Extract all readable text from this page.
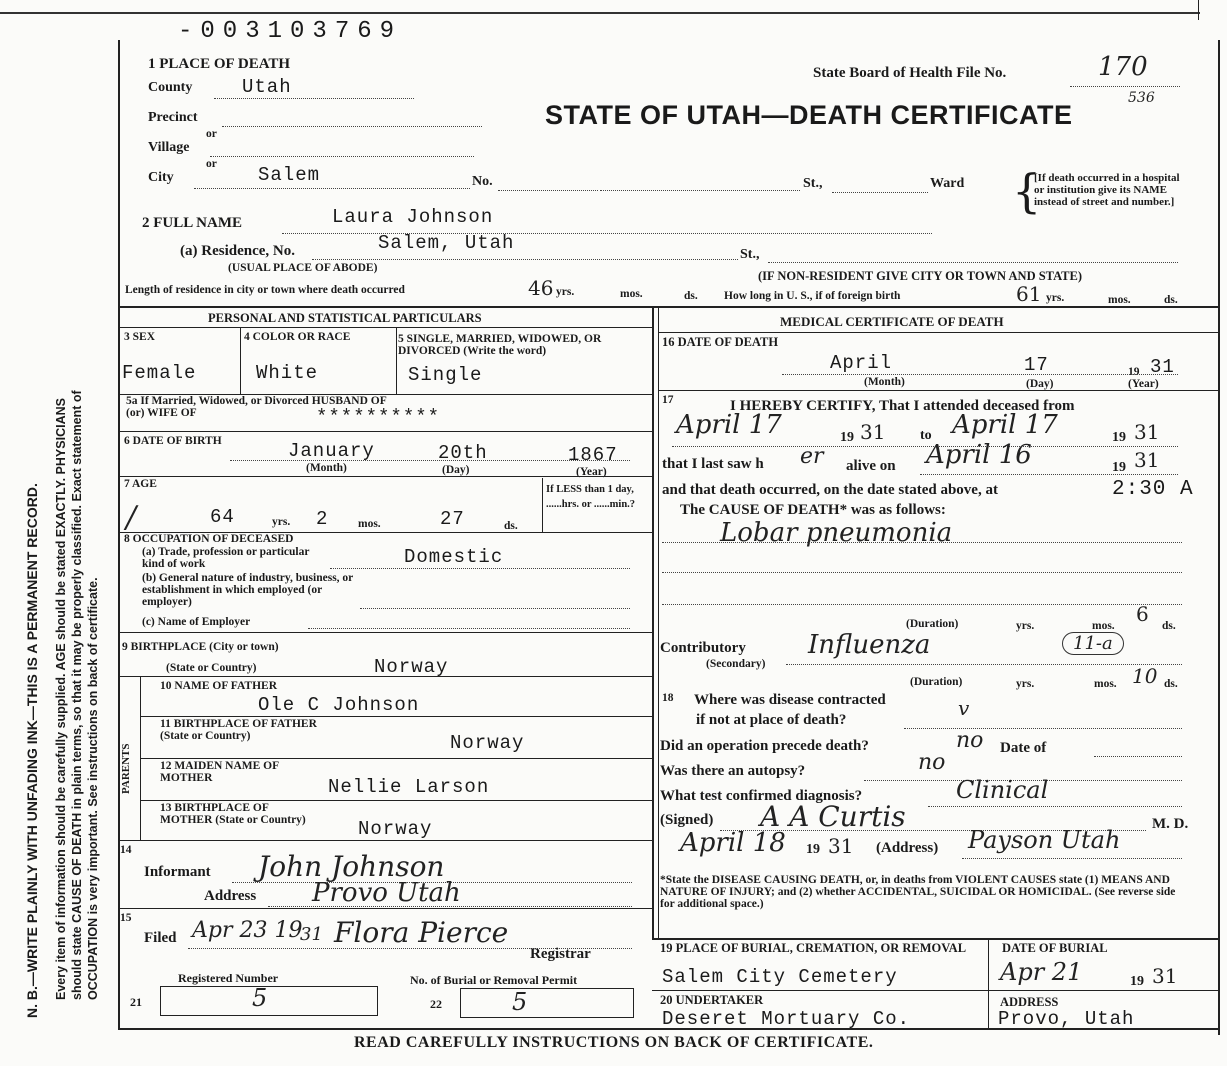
N. B.—WRITE PLAINLY WITH UNFADING INK—THIS IS A PERMANENT RECORD. Every item of information should be carefully supplied. AGE should be stated EXACTLY. PHYSICIANS should state CAUSE OF DEATH in plain terms, so that it may be properly classified. Exact statement of OCCUPATION is very important. See instructions on back of certificate.
-003103769
1 PLACE OF DEATH
State Board of Health File No.	170
536
STATE OF UTAH—DEATH CERTIFICATE
County	Utah
Precinct
or
Village
or
City	Salem	No.	St.,	Ward {
[If death occurred in a hospital or institution give its NAME instead of street and number.]
2 FULL NAME	Laura Johnson
(a) Residence, No.	Salem, Utah
St.,
(USUAL PLACE OF ABODE)
(IF NON-RESIDENT GIVE CITY OR TOWN AND STATE)
Length of residence in city or town where death occurred	46 yrs.	mos.	ds. How long in U. S., if of foreign birth	61 yrs.	mos.	ds.
PERSONAL AND STATISTICAL PARTICULARS
3 SEX	4 COLOR OR RACE	5 SINGLE, MARRIED, WIDOWED, OR DIVORCED (Write the word)
Female	White	Single
5a If Married, Widowed, or Divorced HUSBAND OF (or) WIFE OF	**********
6 DATE OF BIRTH	January	20th	1867
(Month)	(Day)	(Year)
7 AGE
/	64	yrs. 2	mos.	27	ds.
If LESS than 1 day, ......hrs. or ......min.?
8 OCCUPATION OF DECEASED
(a) Trade, profession or particular kind of work
(b) General nature of industry, business, or establishment in which employed (or employer)
(c) Name of Employer
Domestic
9 BIRTHPLACE (City or town)
(State or Country)	Norway
PARENTS
10 NAME OF FATHER
Ole C Johnson
11 BIRTHPLACE OF FATHER (State or Country)	Norway
12 MAIDEN NAME OF MOTHER	Nellie Larson
13 BIRTHPLACE OF MOTHER (State or Country)	Norway
14
Informant John Johnson
Address Provo Utah
15
Filed Apr 23 19
31 Flora Pierce
Registrar
Registered Number	No. of Burial or Removal Permit
21	5	22	5
MEDICAL CERTIFICATE OF DEATH
16 DATE OF DEATH
April	17	19 31
(Month)	(Day)	(Year)
17	I HEREBY CERTIFY, That I attended deceased from
April 17	19 31 to April 17	19 31
that I last saw h er alive on April 16	19 31
and that death occurred, on the date stated above, at	2:30 A
The CAUSE OF DEATH* was as follows:
Lobar pneumonia
(Duration)	yrs.	mos. 6 ds.
Contributory
(Secondary)
Influenza	11-a
(Duration)	yrs.	mos. 10 ds.
18 Where was disease contracted
if not at place of death?	v
Did an operation precede death?	no Date of
Was there an autopsy?	no
What test confirmed diagnosis?	Clinical
(Signed) A A Curtis	M. D.
April 18 19 31 (Address) Payson Utah
*State the DISEASE CAUSING DEATH, or, in deaths from VIOLENT CAUSES state (1) MEANS AND NATURE OF INJURY; and (2) whether ACCIDENTAL, SUICIDAL OR HOMICIDAL. (See reverse side for additional space.)
19 PLACE OF BURIAL, CREMATION, OR REMOVAL
Salem City Cemetery
DATE OF BURIAL
Apr 21	19 31
20 UNDERTAKER
Deseret Mortuary Co.
ADDRESS
Provo, Utah
READ CAREFULLY INSTRUCTIONS ON BACK OF CERTIFICATE.
